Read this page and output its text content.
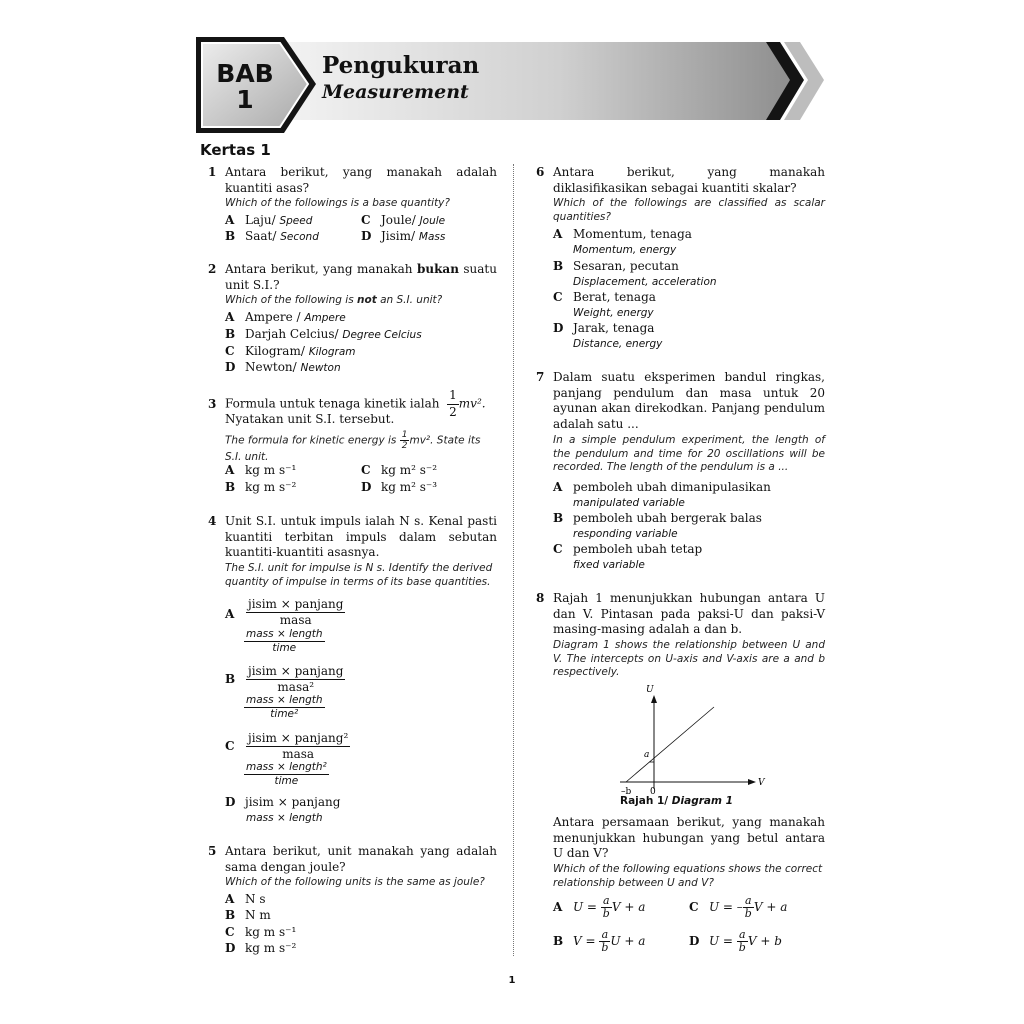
BAB
1
Pengukuran
Measurement
Kertas 1
1 Antara berikut, yang manakah adalah kuantiti asas?
Which of the followings is a base quantity?
A Laju/ Speed
B Saat/ Second
C Joule/ Joule
D Jisim/ Mass
2 Antara berikut, yang manakah bukan suatu unit S.I.?
Which of the following is not an S.I. unit?
A Ampere / Ampere
B Darjah Celcius/ Degree Celcius
C Kilogram/ Kilogram
D Newton/ Newton
3 Formula untuk tenaga kinetik ialah $\frac{1}{2} mv^2$.
Nyatakan unit S.I. tersebut.
The formula for kinetic energy is $\frac{1}{2} mv^2$. State its S.I. unit.
A kg m s⁻¹
B kg m s⁻²
C kg m² s⁻²
D kg m² s⁻³
4 Unit S.I. untuk impuls ialah N s. Kenal pasti kuantiti terbitan impuls dalam sebutan kuantiti-kuantiti asasnya.
The S.I. unit for impulse is N s. Identify the derived quantity of impulse in terms of its base quantities.
A $\frac{\text{jisim × panjang}}{\text{masa}}$
$\frac{\text{mass × length}}{\text{time}}$
B $\frac{\text{jisim × panjang}}{\text{masa²}}$
$\frac{\text{mass × length}}{\text{time²}}$
C $\frac{\text{jisim × panjang²}}{\text{masa}}$
$\frac{\text{mass × length²}}{\text{time}}$
D jisim × panjang
mass × length
5 Antara berikut, unit manakah yang adalah sama dengan joule?
Which of the following units is the same as joule?
A N s
B N m
C kg m s⁻¹
D kg m s⁻²
6 Antara berikut, yang manakah diklasifikasikan sebagai kuantiti skalar?
Which of the followings are classified as scalar quantities?
A Momentum, tenaga
Momentum, energy
B Sesaran, pecutan
Displacement, acceleration
C Berat, tenaga
Weight, energy
D Jarak, tenaga
Distance, energy
7 Dalam suatu eksperimen bandul ringkas, panjang pendulum dan masa untuk 20 ayunan akan direkodkan. Panjang pendulum adalah satu ...
In a simple pendulum experiment, the length of the pendulum and time for 20 oscillations will be recorded. The length of the pendulum is a ...
A pemboleh ubah dimanipulasikan
manipulated variable
B pemboleh ubah bergerak balas
responding variable
C pemboleh ubah tetap
fixed variable
8 Rajah 1 menunjukkan hubungan antara U dan V. Pintasan pada paksi-U dan paksi-V masing-masing adalah a dan b.
Diagram 1 shows the relationship between U and V. The intercepts on U-axis and V-axis are a and b respectively.
U
V
a
–b 0
Rajah 1/ Diagram 1
Antara persamaan berikut, yang manakah menunjukkan hubungan yang betul antara U dan V?
Which of the following equations shows the correct relationship between U and V?
A $U = \frac{a}{b}$ V + a
B $V = \frac{a}{b}$ U + a
C U = – $\frac{a}{b}$ V + a
D $U = \frac{a}{b}$ V + b
1
